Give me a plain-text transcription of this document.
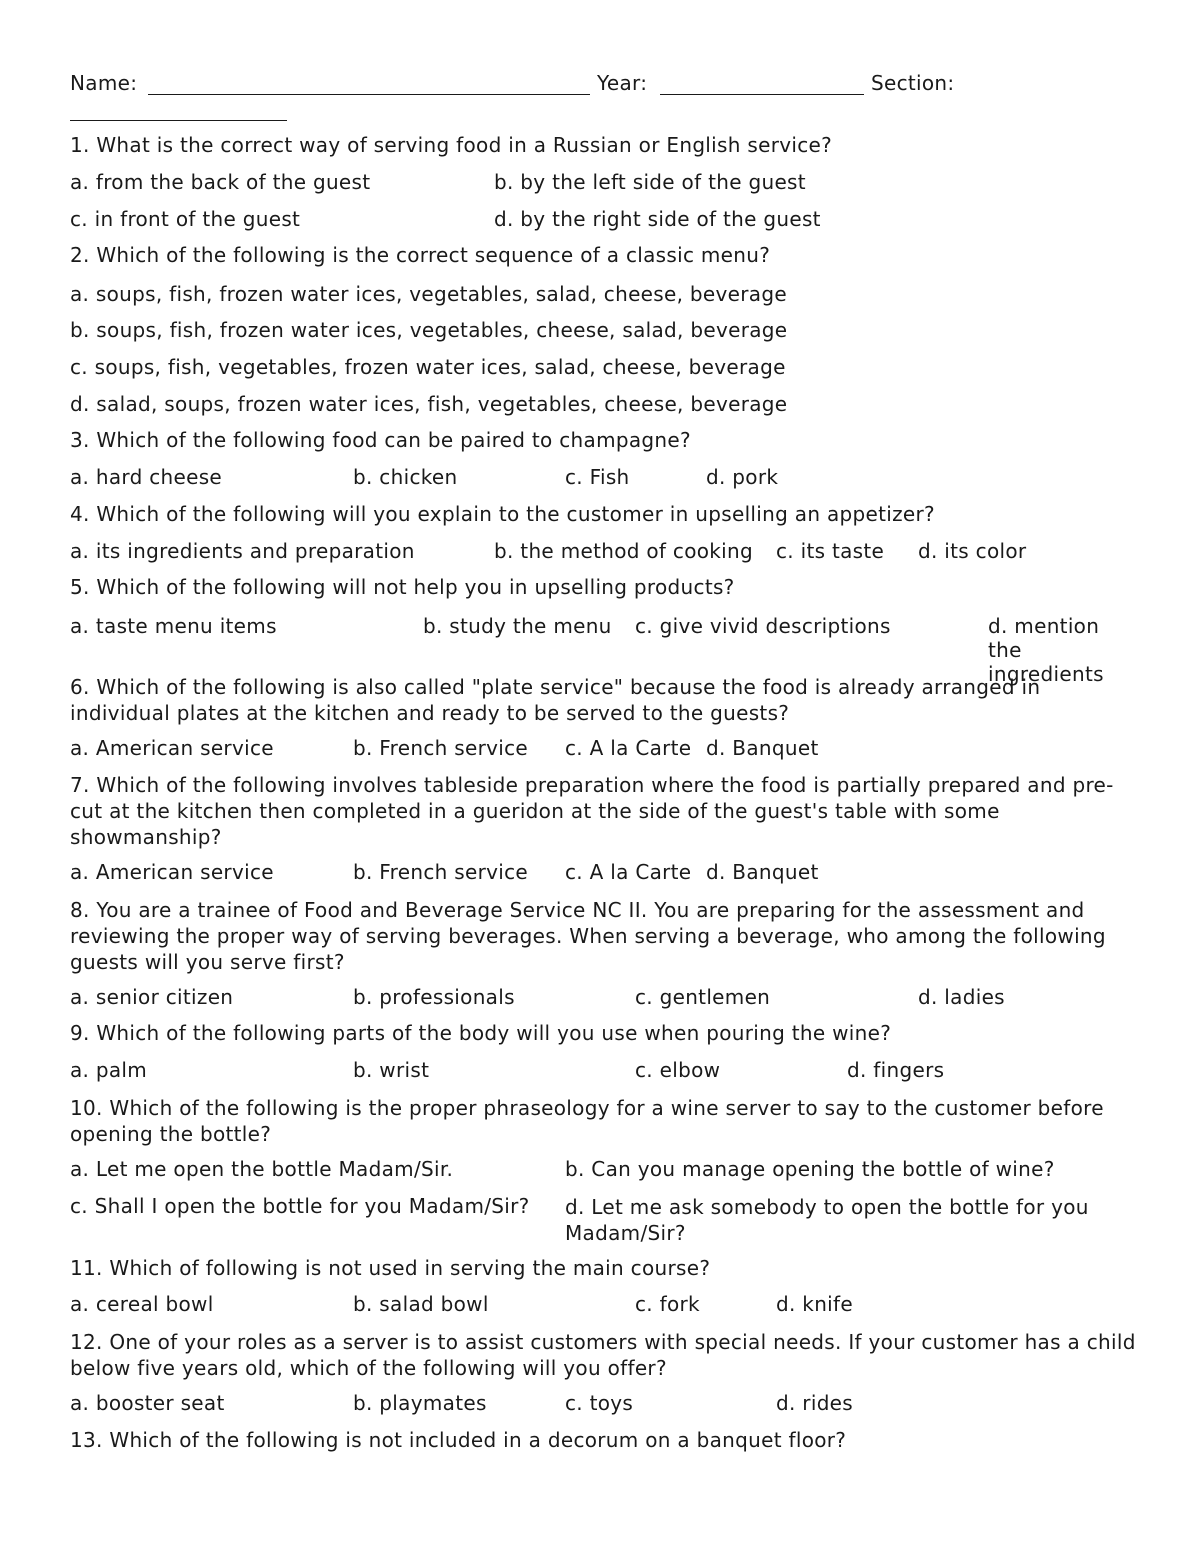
Name:	Year:	Section:
1. What is the correct way of serving food in a Russian or English service?
a. from the back of the guest	b. by the left side of the guest
c. in front of the guest	d. by the right side of the guest
2. Which of the following is the correct sequence of a classic menu?
a. soups, fish, frozen water ices, vegetables, salad, cheese, beverage
b. soups, fish, frozen water ices, vegetables, cheese, salad, beverage
c. soups, fish, vegetables, frozen water ices, salad, cheese, beverage
d. salad, soups, frozen water ices, fish, vegetables, cheese, beverage
3. Which of the following food can be paired to champagne?
a. hard cheese	b. chicken	c. Fish	d. pork
4. Which of the following will you explain to the customer in upselling an appetizer?
a. its ingredients and preparation	b. the method of cooking c. its taste d. its color
5. Which of the following will not help you in upselling products?
a. taste menu items	b. study the menu c. give vivid descriptions	d. mention the ingredients
6. Which of the following is also called "plate service" because the food is already arranged in individual plates at the kitchen and ready to be served to the guests?
a. American service	b. French service c. A la Carte d. Banquet
7. Which of the following involves tableside preparation where the food is partially prepared and pre-cut at the kitchen then completed in a gueridon at the side of the guest's table with some showmanship?
a. American service	b. French service c. A la Carte d. Banquet
8. You are a trainee of Food and Beverage Service NC II. You are preparing for the assessment and reviewing the proper way of serving beverages. When serving a beverage, who among the following guests will you serve first?
a. senior citizen	b. professionals	c. gentlemen	d. ladies
9. Which of the following parts of the body will you use when pouring the wine?
a. palm	b. wrist	c. elbow	d. fingers
10. Which of the following is the proper phraseology for a wine server to say to the customer before opening the bottle?
a. Let me open the bottle Madam/Sir.	b. Can you manage opening the bottle of wine?
c. Shall I open the bottle for you Madam/Sir? d. Let me ask somebody to open the bottle for you Madam/Sir?
11. Which of following is not used in serving the main course?
a. cereal bowl	b. salad bowl	c. fork	d. knife
12. One of your roles as a server is to assist customers with special needs. If your customer has a child below five years old, which of the following will you offer?
a. booster seat	b. playmates	c. toys	d. rides
13. Which of the following is not included in a decorum on a banquet floor?
